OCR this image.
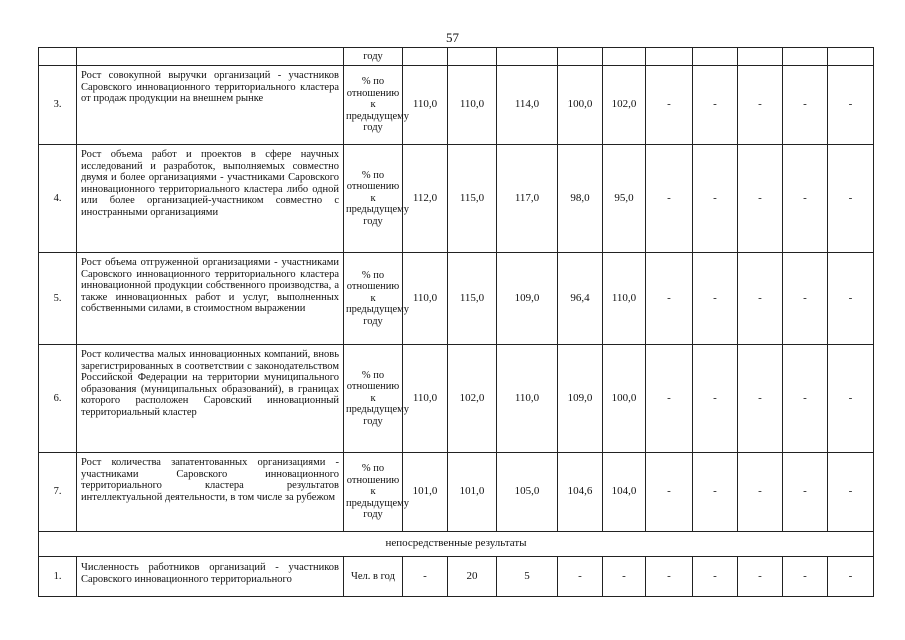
57
		году										
3.	Рост совокупной выручки организаций - участников Саровского инновационного территориального кластера от продаж продукции на внешнем рынке	% по отношению к предыдущему году	110,0	110,0	114,0	100,0	102,0	-	-	-	-	-
4.	Рост объема работ и проектов в сфере научных исследований и разработок, выполняемых совместно двумя и более организациями - участниками Саровского инновационного территориального кластера либо одной или более организацией-участником совместно с иностранными организациями	% по отношению к предыдущему году	112,0	115,0	117,0	98,0	95,0	-	-	-	-	-
5.	Рост объема отгруженной организациями - участниками Саровского инновационного территориального кластера инновационной продукции собственного производства, а также инновационных работ и услуг, выполненных собственными силами, в стоимостном выражении	% по отношению к предыдущему году	110,0	115,0	109,0	96,4	110,0	-	-	-	-	-
6.	Рост количества малых инновационных компаний, вновь зарегистрированных в соответствии с законодательством Российской Федерации на территории муниципального образования (муниципальных образований), в границах которого расположен Саровский инновационный территориальный кластер	% по отношению к предыдущему году	110,0	102,0	110,0	109,0	100,0	-	-	-	-	-
7.	Рост количества запатентованных организациями - участниками Саровского инновационного территориального кластера результатов интеллектуальной деятельности, в том числе за рубежом	% по отношению к предыдущему году	101,0	101,0	105,0	104,6	104,0	-	-	-	-	-
непосредственные результаты												
1.	Численность работников организаций - участников Саровского инновационного территориального	Чел. в год	-	20	5	-	-	-	-	-	-	-
